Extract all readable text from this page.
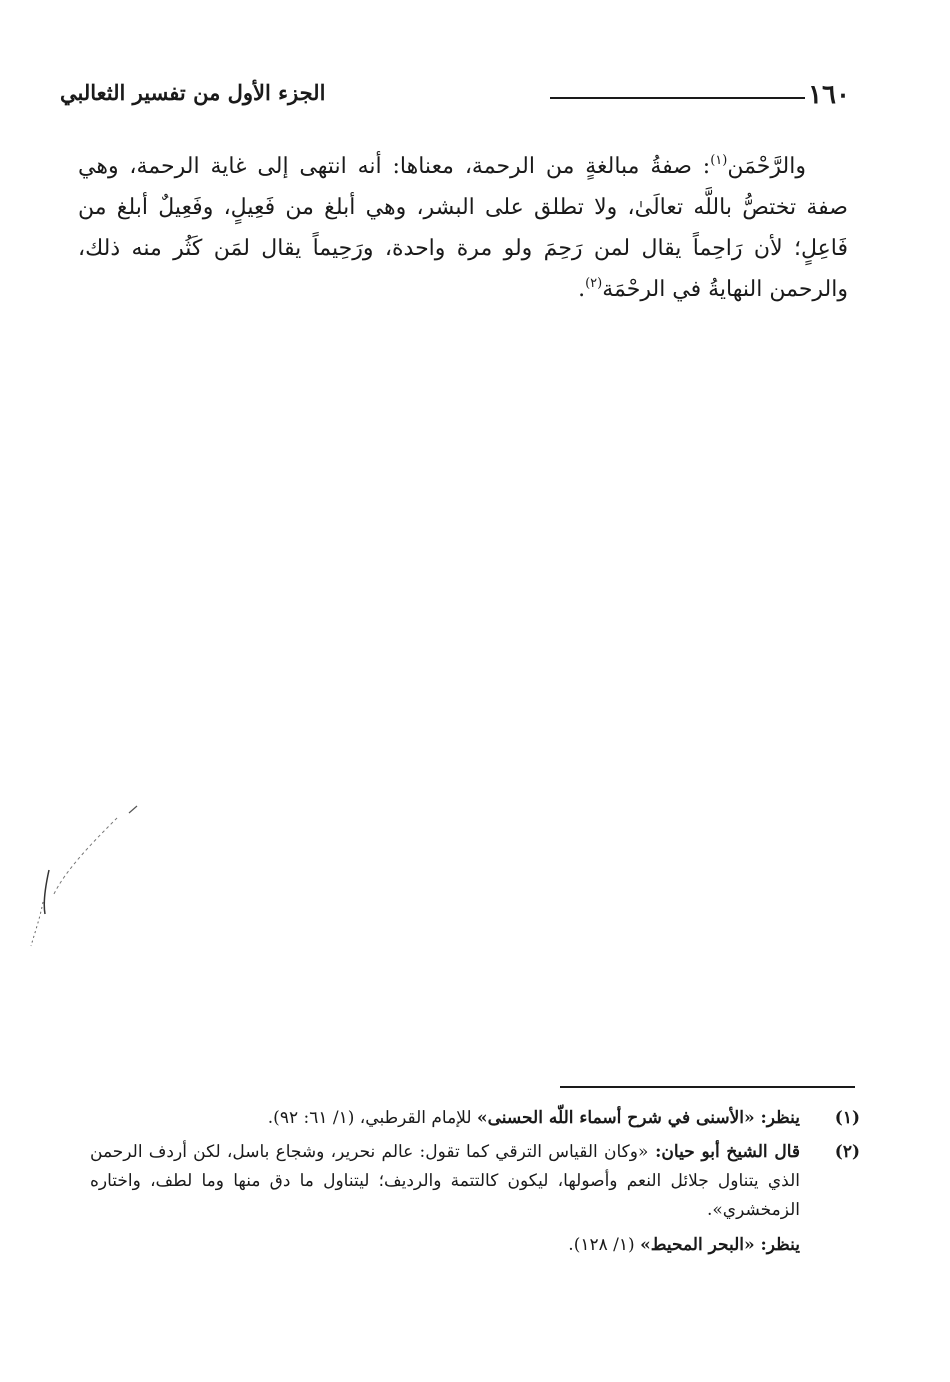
١٦٠
الجزء الأول من تفسير الثعالبي

والرَّحْمَن$^{(١)}$: صفةُ مبالغةٍ من الرحمة، معناها: أنه انتهى إلى غاية الرحمة، وهي صفة تختصُّ باللَّه تعالَىٰ، ولا تطلق على البشر، وهي أبلغ من فَعِيلٍ، وفَعِيلٌ أبلغ من فَاعِلٍ؛ لأن رَاحِماً يقال لمن رَحِمَ ولو مرة واحدة، ورَحِيماً يقال لمَن كَثُر منه ذلك، والرحمن النهايةُ في الرحْمَة$^{(٢)}$.

(١)
ينظر: «الأسنى في شرح أسماء اللّه الحسنى» للإمام القرطبي، (١/ ٦١: ٩٢).
(٢)
قال الشيخ أبو حيان: «وكان القياس الترقي كما تقول: عالم نحرير، وشجاع باسل، لكن أردف الرحمن الذي يتناول جلائل النعم وأصولها، ليكون كالتتمة والرديف؛ ليتناول ما دق منها وما لطف، واختاره الزمخشري».
ينظر: «البحر المحيط» (١/ ١٢٨).
